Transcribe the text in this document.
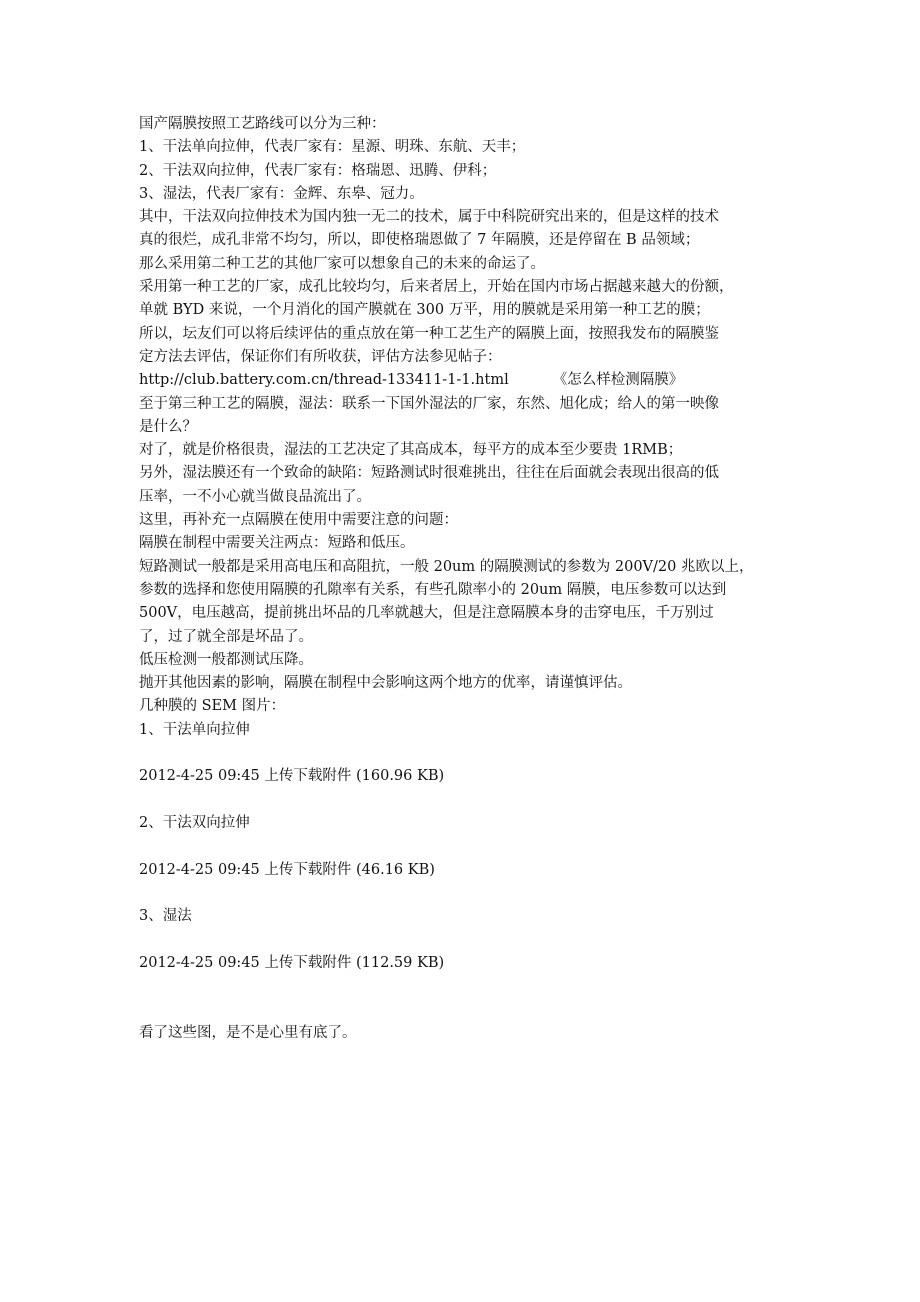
国产隔膜按照工艺路线可以分为三种：
1、干法单向拉伸，代表厂家有：星源、明珠、东航、天丰；
2、干法双向拉伸，代表厂家有：格瑞恩、迅腾、伊科；
3、湿法，代表厂家有：金辉、东皋、冠力。
其中，干法双向拉伸技术为国内独一无二的技术，属于中科院研究出来的，但是这样的技术
真的很烂，成孔非常不均匀，所以，即使格瑞恩做了 7 年隔膜，还是停留在 B 品领域；
那么采用第二种工艺的其他厂家可以想象自己的未来的命运了。
采用第一种工艺的厂家，成孔比较均匀，后来者居上，开始在国内市场占据越来越大的份额，
单就 BYD 来说，一个月消化的国产膜就在 300 万平，用的膜就是采用第一种工艺的膜；
所以，坛友们可以将后续评估的重点放在第一种工艺生产的隔膜上面，按照我发布的隔膜鉴
定方法去评估，保证你们有所收获，评估方法参见帖子：
http://club.battery.com.cn/thread-133411-1-1.html	《怎么样检测隔膜》
至于第三种工艺的隔膜，湿法：联系一下国外湿法的厂家，东然、旭化成；给人的第一映像
是什么？
对了，就是价格很贵，湿法的工艺决定了其高成本，每平方的成本至少要贵 1RMB；
另外，湿法膜还有一个致命的缺陷：短路测试时很难挑出，往往在后面就会表现出很高的低
压率，一不小心就当做良品流出了。
这里，再补充一点隔膜在使用中需要注意的问题：
隔膜在制程中需要关注两点：短路和低压。
短路测试一般都是采用高电压和高阻抗，一般 20um 的隔膜测试的参数为 200V/20 兆欧以上，
参数的选择和您使用隔膜的孔隙率有关系，有些孔隙率小的 20um 隔膜，电压参数可以达到
500V，电压越高，提前挑出坏品的几率就越大，但是注意隔膜本身的击穿电压，千万别过
了，过了就全部是坏品了。
低压检测一般都测试压降。
抛开其他因素的影响，隔膜在制程中会影响这两个地方的优率，请谨慎评估。
几种膜的 SEM 图片：
1、干法单向拉伸
2012-4-25 09:45 上传下载附件 (160.96 KB)
2、干法双向拉伸
2012-4-25 09:45 上传下载附件 (46.16 KB)
3、湿法
2012-4-25 09:45 上传下载附件 (112.59 KB)
看了这些图，是不是心里有底了。
